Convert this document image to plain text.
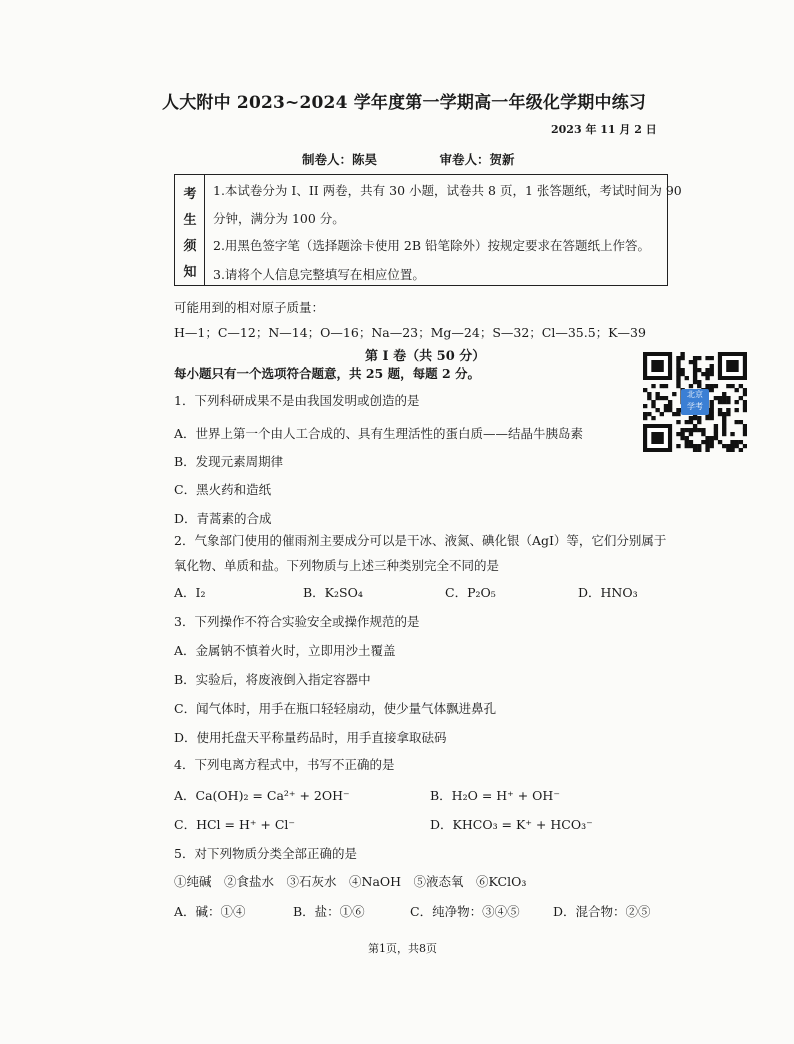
人大附中 2023~2024 学年度第一学期高一年级化学期中练习
2023 年 11 月 2 日
制卷人：陈昊　　　　　审卷人：贺新
考
生
须
知
1.本试卷分为 I、II 两卷，共有 30 小题，试卷共 8 页，1 张答题纸，考试时间为 90
分钟，满分为 100 分。
2.用黑色签字笔（选择题涂卡使用 2B 铅笔除外）按规定要求在答题纸上作答。
3.请将个人信息完整填写在相应位置。
可能用到的相对原子质量：
H—1；C—12；N—14；O—16；Na—23；Mg—24；S—32；Cl—35.5；K—39
第 I 卷（共 50 分）
每小题只有一个选项符合题意，共 25 题，每题 2 分。
北京
学考
1．下列科研成果不是由我国发明或创造的是
A．世界上第一个由人工合成的、具有生理活性的蛋白质——结晶牛胰岛素
B．发现元素周期律
C．黑火药和造纸
D．青蒿素的合成
2．气象部门使用的催雨剂主要成分可以是干冰、液氮、碘化银（AgI）等，它们分别属于
氧化物、单质和盐。下列物质与上述三种类别完全不同的是
A．I₂	B．K₂SO₄	C．P₂O₅	D．HNO₃
3．下列操作不符合实验安全或操作规范的是
A．金属钠不慎着火时，立即用沙土覆盖
B．实验后，将废液倒入指定容器中
C．闻气体时，用手在瓶口轻轻扇动，使少量气体飘进鼻孔
D．使用托盘天平称量药品时，用手直接拿取砝码
4．下列电离方程式中，书写不正确的是
A．Ca(OH)₂ = Ca²⁺ + 2OH⁻	B．H₂O = H⁺ + OH⁻
C．HCl = H⁺ + Cl⁻	D．KHCO₃ = K⁺ + HCO₃⁻
5．对下列物质分类全部正确的是
①纯碱　②食盐水　③石灰水　④NaOH　⑤液态氧　⑥KClO₃
A．碱：①④	B．盐：①⑥	C．纯净物：③④⑤	D．混合物：②⑤
第1页，共8页
